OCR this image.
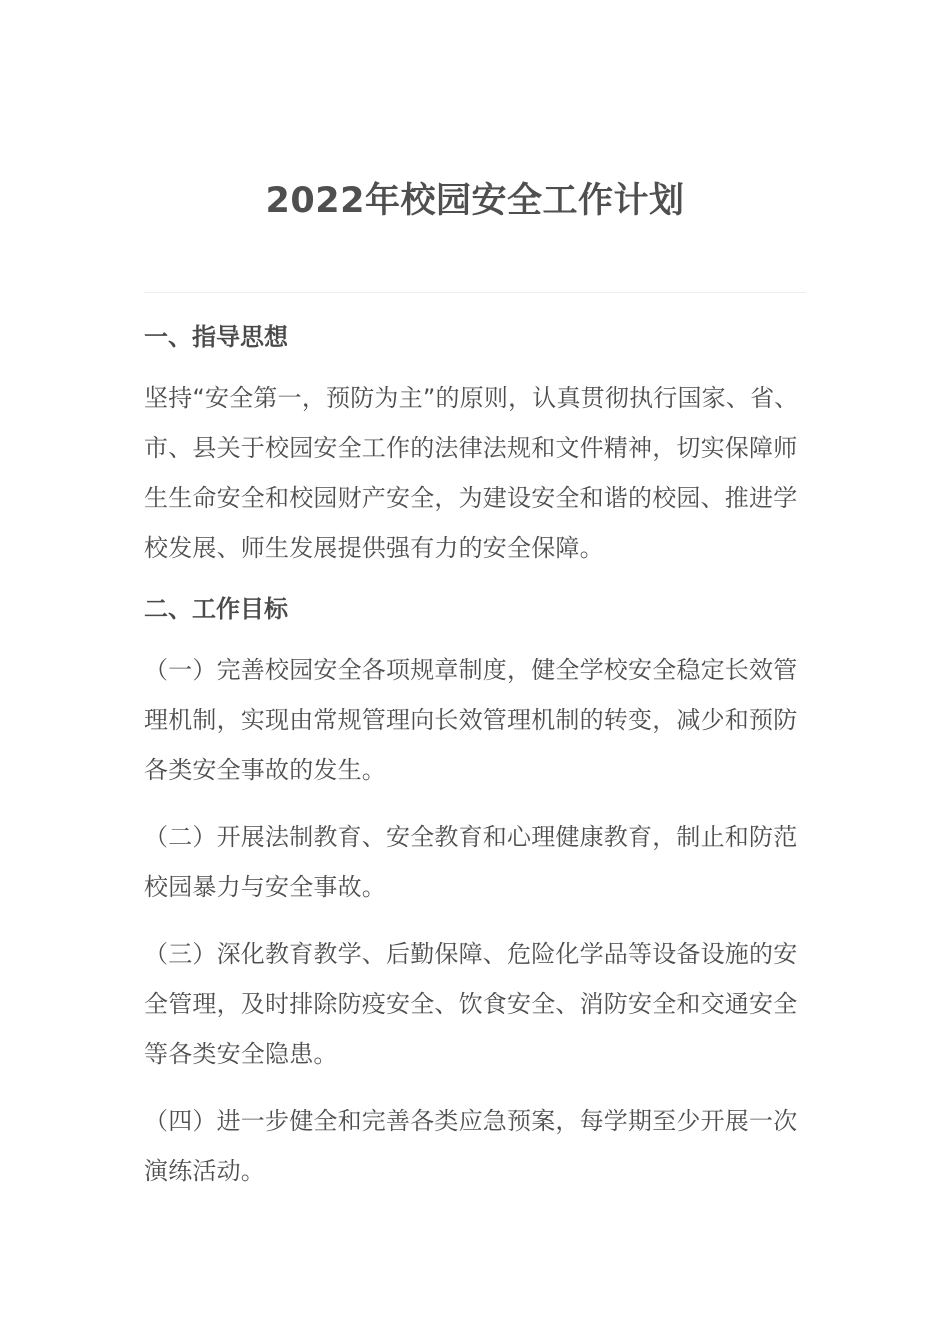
2022年校园安全工作计划
一、指导思想

坚持“安全第一，预防为主”的原则，认真贯彻执行国家、省、市、县关于校园安全工作的法律法规和文件精神，切实保障师生生命安全和校园财产安全，为建设安全和谐的校园、推进学校发展、师生发展提供强有力的安全保障。

二、工作目标

（一）完善校园安全各项规章制度，健全学校安全稳定长效管理机制，实现由常规管理向长效管理机制的转变，减少和预防各类安全事故的发生。

（二）开展法制教育、安全教育和心理健康教育，制止和防范校园暴力与安全事故。

（三）深化教育教学、后勤保障、危险化学品等设备设施的安全管理，及时排除防疫安全、饮食安全、消防安全和交通安全等各类安全隐患。

（四）进一步健全和完善各类应急预案，每学期至少开展一次演练活动。
